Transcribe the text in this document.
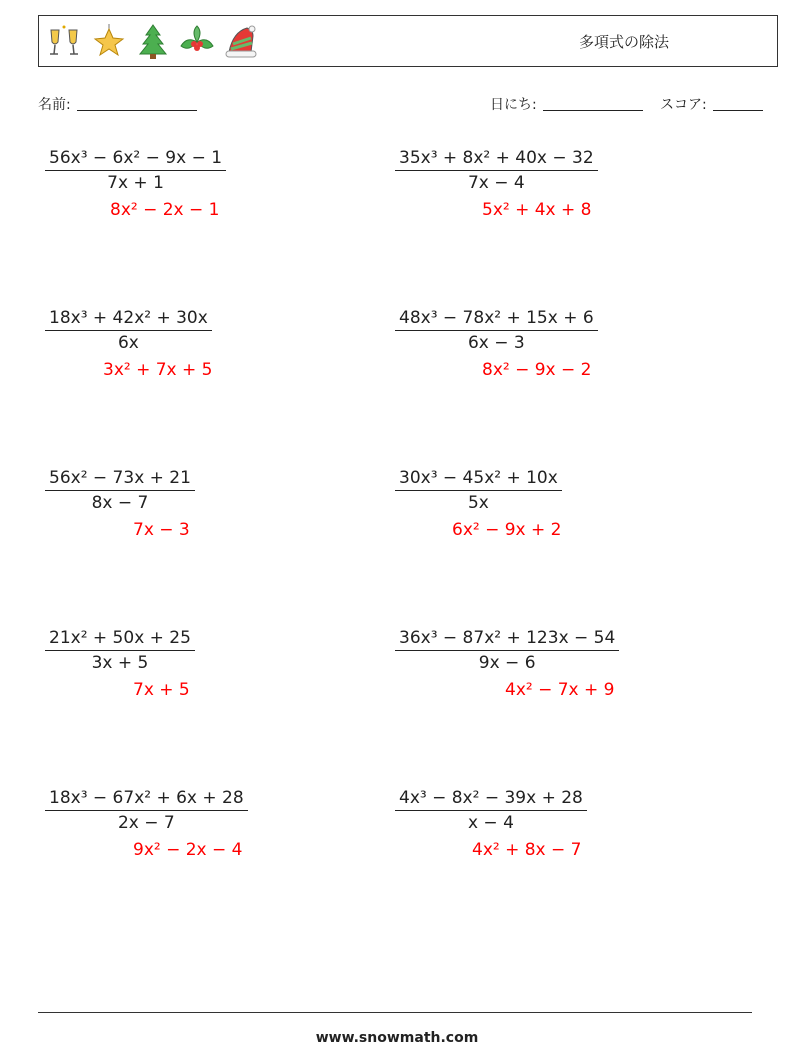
多項式の除法
名前:	日にち:	スコア:
$\frac{\text{56x³ − 6x² − 9x − 1}}{7x + 1}$
8x² − 2x − 1
$\frac{\text{35x³ + 8x² + 40x − 32}}{7x - 4}$
5x² + 4x + 8
$\frac{\text{18x³ + 42x² + 30x}}{6x}$
3x² + 7x + 5
$\frac{\text{48x³ − 78x² + 15x + 6}}{6x - 3}$
8x² − 9x − 2
$\frac{\text{56x² − 73x + 21}}{8x - 7}$
7x − 3
$\frac{\text{30x³ − 45x² + 10x}}{5x}$
6x² − 9x + 2
$\frac{\text{21x² + 50x + 25}}{3x + 5}$
7x + 5
$\frac{\text{36x³ − 87x² + 123x − 54}}{9x - 6}$
4x² − 7x + 9
$\frac{\text{18x³ − 67x² + 6x + 28}}{2x - 7}$
9x² − 2x − 4
$\frac{\text{4x³ − 8x² − 39x + 28}}{x - 4}$
4x² + 8x − 7
www.snowmath.com
